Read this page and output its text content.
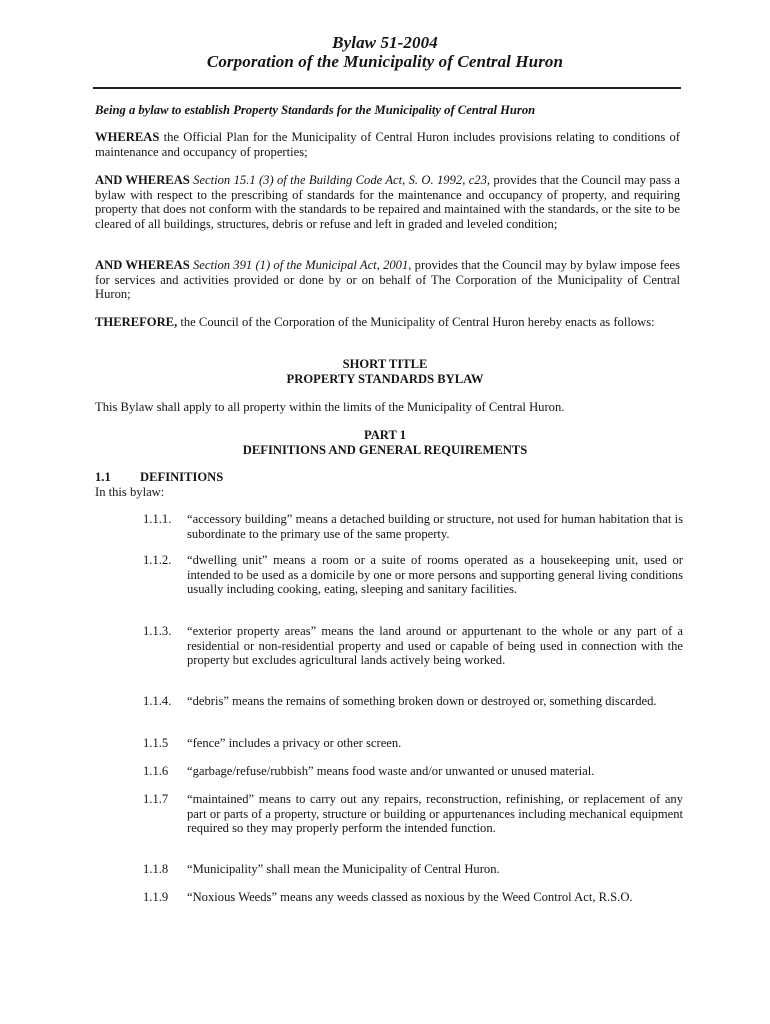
Bylaw 51-2004
Corporation of the Municipality of Central Huron

Being a bylaw to establish Property Standards for the Municipality of Central Huron

WHEREAS the Official Plan for the Municipality of Central Huron includes provisions relating to conditions of maintenance and occupancy of properties;

AND WHEREAS Section 15.1 (3) of the Building Code Act, S. O. 1992, c23, provides that the Council may pass a bylaw with respect to the prescribing of standards for the maintenance and occupancy of property, and requiring property that does not conform with the standards to be repaired and maintained with the standards, or the site to be cleared of all buildings, structures, debris or refuse and left in graded and leveled condition;

AND WHEREAS Section 391 (1) of the Municipal Act, 2001, provides that the Council may by bylaw impose fees for services and activities provided or done by or on behalf of The Corporation of the Municipality of Central Huron;

THEREFORE, the Council of the Corporation of the Municipality of Central Huron hereby enacts as follows:

SHORT TITLE
PROPERTY STANDARDS BYLAW
This Bylaw shall apply to all property within the limits of the Municipality of Central Huron.
PART 1
DEFINITIONS AND GENERAL REQUIREMENTS
1.1 DEFINITIONS
In this bylaw:
1.1.1.	“accessory building” means a detached building or structure, not used for human habitation that is subordinate to the primary use of the same property.
1.1.2.	“dwelling unit” means a room or a suite of rooms operated as a housekeeping unit, used or intended to be used as a domicile by one or more persons and supporting general living conditions usually including cooking, eating, sleeping and sanitary facilities.
1.1.3.	“exterior property areas” means the land around or appurtenant to the whole or any part of a residential or non-residential property and used or capable of being used in connection with the property but excludes agricultural lands actively being worked.
1.1.4.	“debris” means the remains of something broken down or destroyed or, something discarded.
1.1.5	“fence” includes a privacy or other screen.
1.1.6	“garbage/refuse/rubbish” means food waste and/or unwanted or unused material.
1.1.7	“maintained” means to carry out any repairs, reconstruction, refinishing, or replacement of any part or parts of a property, structure or building or appurtenances including mechanical equipment required so they may properly perform the intended function.
1.1.8	“Municipality” shall mean the Municipality of Central Huron.
1.1.9	“Noxious Weeds” means any weeds classed as noxious by the Weed Control Act, R.S.O.
